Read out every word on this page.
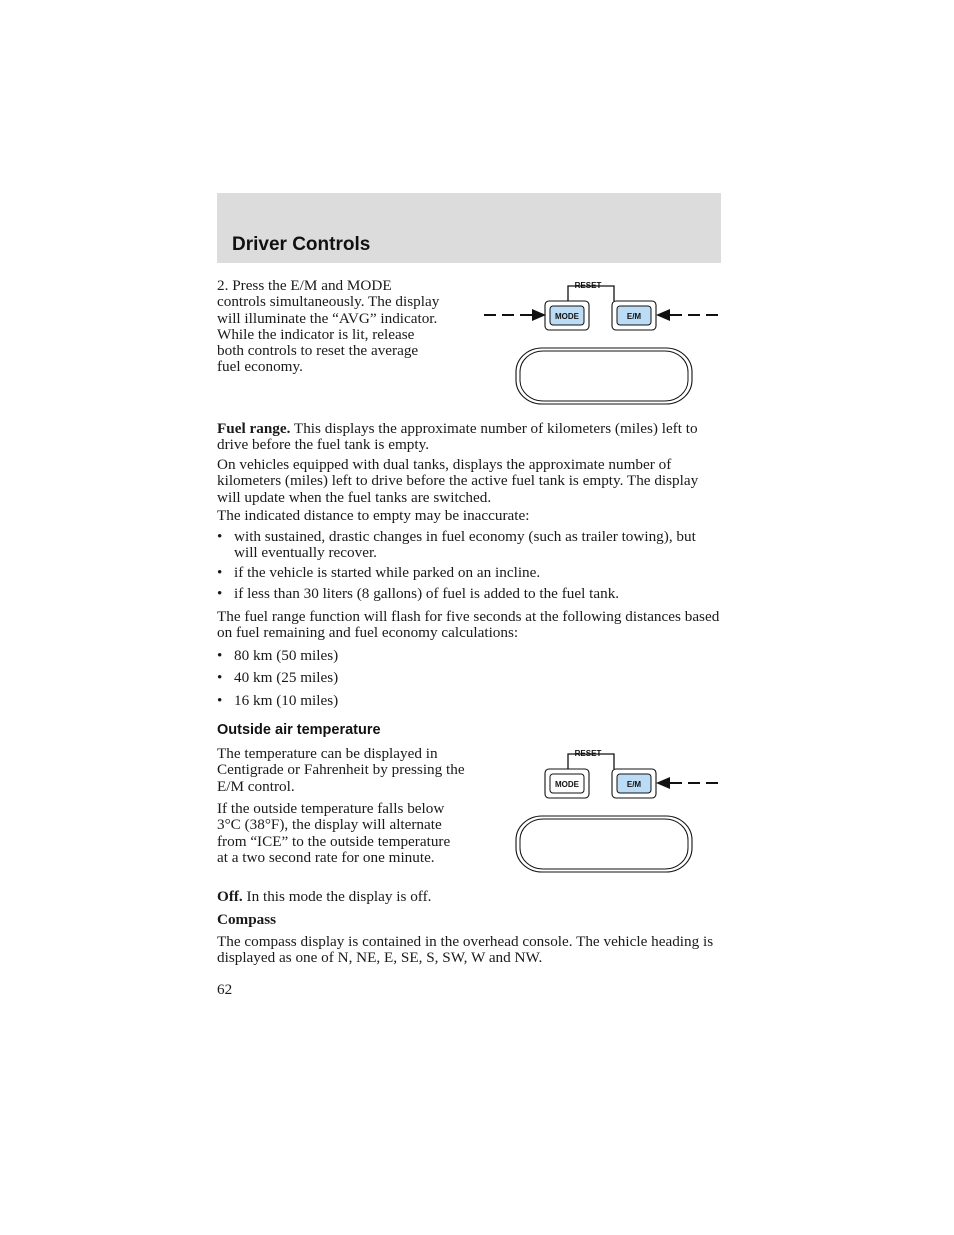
Driver Controls
2. Press the E/M and MODE
controls simultaneously. The display
will illuminate the “AVG” indicator.
While the indicator is lit, release
both controls to reset the average
fuel economy.
RESET
MODE	E/M

Fuel range. This displays the approximate number of kilometers (miles) left to drive before the fuel tank is empty.

On vehicles equipped with dual tanks, displays the approximate number of kilometers (miles) left to drive before the active fuel tank is empty. The display will update when the fuel tanks are switched.

The indicated distance to empty may be inaccurate:

• with sustained, drastic changes in fuel economy (such as trailer towing), but will eventually recover.
• if the vehicle is started while parked on an incline.
• if less than 30 liters (8 gallons) of fuel is added to the fuel tank.

The fuel range function will flash for five seconds at the following distances based on fuel remaining and fuel economy calculations:

• 80 km (50 miles)
• 40 km (25 miles)
• 16 km (10 miles)
Outside air temperature

The temperature can be displayed in Centigrade or Fahrenheit by pressing the E/M control.

If the outside temperature falls below 3°C (38°F), the display will alternate from “ICE” to the outside temperature at a two second rate for one minute.

RESET
MODE	E/M

Off. In this mode the display is off.

Compass

The compass display is contained in the overhead console. The vehicle heading is displayed as one of N, NE, E, SE, S, SW, W and NW.

62
